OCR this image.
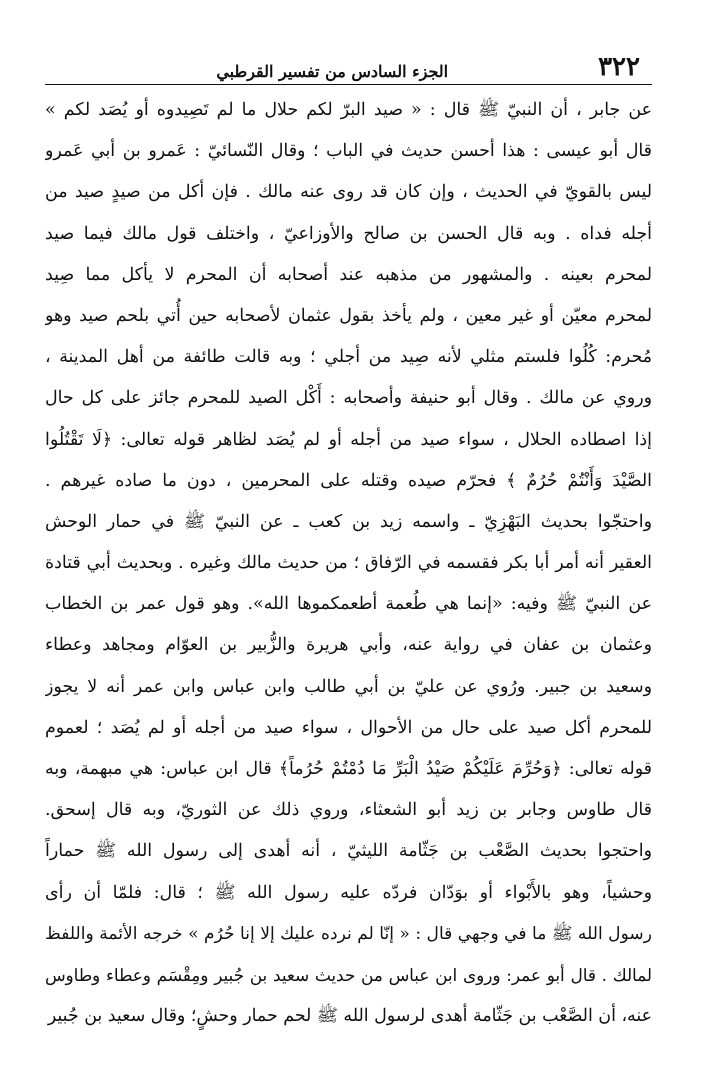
٣٢٢
الجزء السادس من تفسير القرطبي
عن جابر ، أن النبيّ ﷺ قال : « صيد البرّ لكم حلال ما لم تَصِيدوه أو يُصَد لكم »
قال أبو عيسى : هذا أحسن حديث في الباب ؛ وقال النّسائيّ : عَمرو بن أبي عَمرو
ليس بالقويّ في الحديث ، وإن كان قد روى عنه مالك . فإن أكل من صيدٍ صيد من
أجله فداه . وبه قال الحسن بن صالح والأوزاعيّ ، واختلف قول مالك فيما صيد
لمحرم بعينه . والمشهور من مذهبه عند أصحابه أن المحرم لا يأكل مما صِيد
لمحرم معيّن أو غير معين ، ولم يأخذ بقول عثمان لأصحابه حين أُتي بلحم صيد وهو
مُحرم: كُلُوا فلستم مثلي لأنه صِيد من أجلي ؛ وبه قالت طائفة من أهل المدينة ،
وروي عن مالك . وقال أبو حنيفة وأصحابه : أَكْل الصيد للمحرم جائز على كل حال
إذا اصطاده الحلال ، سواء صيد من أجله أو لم يُصَد لظاهر قوله تعالى: ﴿لَا تَقْتُلُوا
الصَّيْدَ وَأَنْتُمْ حُرُمٌ ﴾ فحرّم صيده وقتله على المحرمين ، دون ما صاده غيرهم .
واحتجّوا بحديث البَهْزِيّ ـ واسمه زيد بن كعب ـ عن النبيّ ﷺ في حمار الوحش
العقير أنه أمر أبا بكر فقسمه في الرّفاق ؛ من حديث مالك وغيره . وبحديث أبي قتادة
عن النبيّ ﷺ وفيه: «إنما هي طُعمة أطعمكموها الله». وهو قول عمر بن الخطاب
وعثمان بن عفان في رواية عنه، وأبي هريرة والزُّبير بن العوّام ومجاهد وعطاء
وسعيد بن جبير. ورُوي عن عليّ بن أبي طالب وابن عباس وابن عمر أنه لا يجوز
للمحرم أكل صيد على حال من الأحوال ، سواء صيد من أجله أو لم يُصَد ؛ لعموم
قوله تعالى: ﴿وَحُرِّمَ عَلَيْكُمْ صَيْدُ الْبَرِّ مَا دُمْتُمْ حُرُماً﴾ قال ابن عباس: هي مبهمة، وبه
قال طاوس وجابر بن زيد أبو الشعثاء، وروي ذلك عن الثوريّ، وبه قال إسحق.
واحتجوا بحديث الصَّعْب بن جَثّامة الليثيّ ، أنه أهدى إلى رسول الله ﷺ حماراً
وحشياً، وهو بالأَبْواء أو بوَدّان فردّه عليه رسول الله ﷺ ؛ قال: فلمّا أن رأى
رسول الله ﷺ ما في وجهي قال : « إنّا لم نرده عليك إلا إنا حُرُم » خرجه الأئمة واللفظ
لمالك . قال أبو عمر: وروى ابن عباس من حديث سعيد بن جُبير ومِقْسَم وعطاء وطاوس
عنه، أن الصَّعْب بن جَثّامة أهدى لرسول الله ﷺ لحم حمار وحشٍ؛ وقال سعيد بن جُبير
